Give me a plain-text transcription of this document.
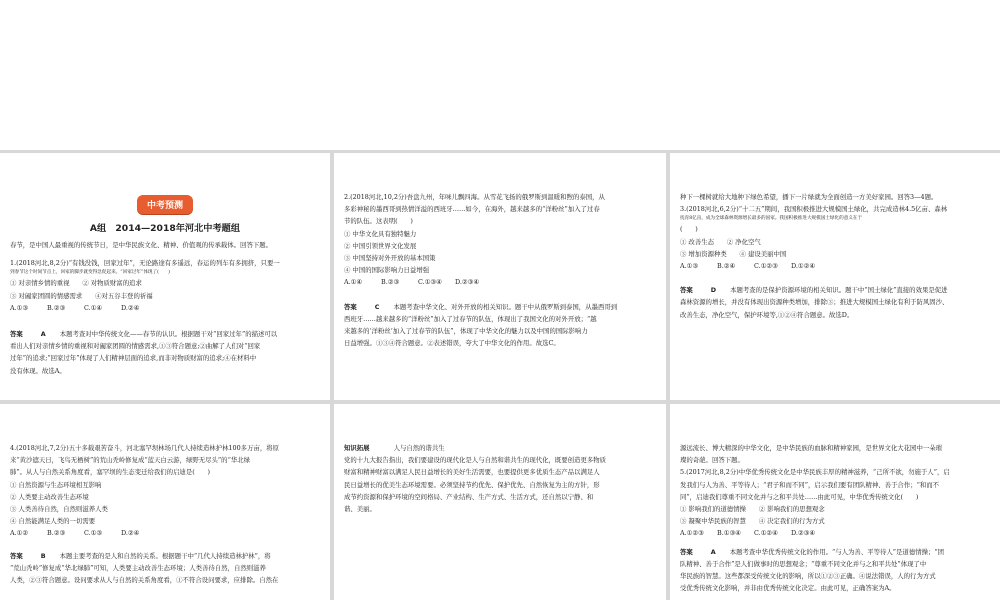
中考预测
A组　2014—2018年河北中考题组
春节，是中国人最重视的传统节日，是中华民族文化、精神、价值观的传承载体。回答下题。
1.(2018河北,8,2分)“有钱没钱，回家过年”，无论路途有多遥远，春运的列车有多拥挤，只要一
到春节这个时间节点上，回家的脚步就变得急促起来。“回家过年”体现了(　　)
① 对亲情乡情的重视　　② 对物质财富的追求
③ 对阖家团圆的情感需求　　④对五谷丰登的祈福
A.①③	B.②③	C.①④	D.②④
答案	A 本题考查对中华传统文化——春节的认识。根据题干对“回家过年”的描述可以
看出人们对亲情乡情的重视和对阖家团圆的情感需求,①③符合题意;②曲解了人们对“回家
过年”的追求;“回家过年”体现了人们精神层面的追求,而非对物质财富的追求;④在材料中
没有体现。故选A。
2.(2018河北,10,2分)吾盘九州，年味儿飘四海。从雪花飞扬的俄罗斯到温暖和煦的泰国，从
多彩神秘的墨西哥到热情洋溢的西班牙……如今，在海外，越来越多的“洋粉丝”加入了过春
节的队伍。这表明(　　)
① 中华文化具有独特魅力
② 中国引领世界文化发展
③ 中国坚持对外开放的基本国策
④ 中国的国际影响力日益增强
A.①④	B.②③	C.①③④	D.②③④
答案	C 本题考查中华文化、对外开放的相关知识。题干中从俄罗斯到泰国，从墨西哥到
西班牙……越来越多的“洋粉丝”加入了过春节的队伍，体现出了我国文化的对外开放；“越
来越多的‘洋粉丝’加入了过春节的队伍”，体现了中华文化的魅力以及中国的国际影响力
日益增强。①③④符合题意。②表述错误，夸大了中华文化的作用。故选C。
种下一棵树就给大地种下绿色希望，播下一片绿就为全面创造一方美好家园。回答3—4题。
3.(2018河北,6,2分)“十二五”期间，我国积极推进大规模国土绿化，共完成造林4.5亿亩、森林
抚育8亿亩，成为全球森林资源增长最多的国家。我国积极推进大规模国土绿化的意义在于
(　　)
① 改善生态　　② 净化空气
③ 增加资源种类　　④ 建设美丽中国
A.①③	B.②④	C.①②③	D.①②④
答案	D 本题考查的是保护资源环境的相关知识。题干中“国土绿化”直接的效果是促进
森林资源的增长，并没有体现出资源种类增加，排除③；推进大规模国土绿化有利于防风固沙、
改善生态，净化空气，保护环境等,①②④符合题意。故选D。
4.(2018河北,7,2分)五十多载艰苦奋斗，河北塞罕坝林场几代人持续造林护林100多万亩，将原
来“黄沙遮天日，飞鸟无栖树”的荒山秃岭修复成“蓝天白云游，绿野无尽头”的“华北绿
肺”。从人与自然关系角度看，塞罕坝的生态变迁给我们的启迪是(　　)
① 自然资源与生态环境相互影响
② 人类要主动改善生态环境
③ 人类善待自然，自然则滋养人类
④ 自然能满足人类的一切需要
A.①②	B.②③	C.①③	D.②④
答案	B 本题主要考查的是人和自然的关系。根据题干中“几代人持续造林护林”，将
“荒山秃岭”修复成“华北绿肺”可知，人类要主动改善生态环境；人类善待自然，自然则滋养
人类，②③符合题意。设问要求从人与自然的关系角度看，①不符合设问要求，应排除。自然在
知识拓展	人与自然的谐共生
党的十九大报告指出，我们要建设的现代化是人与自然和谐共生的现代化，既要创造更多物质
财富和精神财富以满足人民日益增长的美好生活需要，也要提供更多优质生态产品以满足人
民日益增长的优美生态环境需要。必须坚持节约优先、保护优先、自然恢复为主的方针，形
成节约资源和保护环境的空间格局、产业结构、生产方式、生活方式，还自然以宁静、和
谐、美丽。
源远流长、博大精深的中华文化，是中华民族的血脉和精神家园，是世界文化大花园中一朵璀
璨的奇葩。回答下题。
5.(2017河北,8,2分)中华优秀传统文化是中华民族丰厚的精神滋养，“己所不欲，勿施于人”，启
发我们与人为善、平等待人；“君子和而不同”，启示我们要有团队精神、善于合作；“和而不
同”，启迪我们尊重不同文化并与之和平共处……由此可见，中华优秀传统文化(　　)
① 影响我们的道德情操　　② 影响我们的思想观念
③ 凝聚中华民族的智慧　　④ 决定我们的行为方式
A.①②③	B.①③④	C.①②④	D.②③④
答案	A 本题考查中华优秀传统文化的作用。“与人为善、平等待人”是道德情操；“团
队精神、善于合作”是人们做事时的思想观念；“尊重不同文化并与之和平共处”体现了中
华民族的智慧。这些都深受传统文化的影响，所以①②③正确。④说法错误，人的行为方式
受优秀传统文化影响，并非由优秀传统文化决定。由此可见，正确答案为A。
